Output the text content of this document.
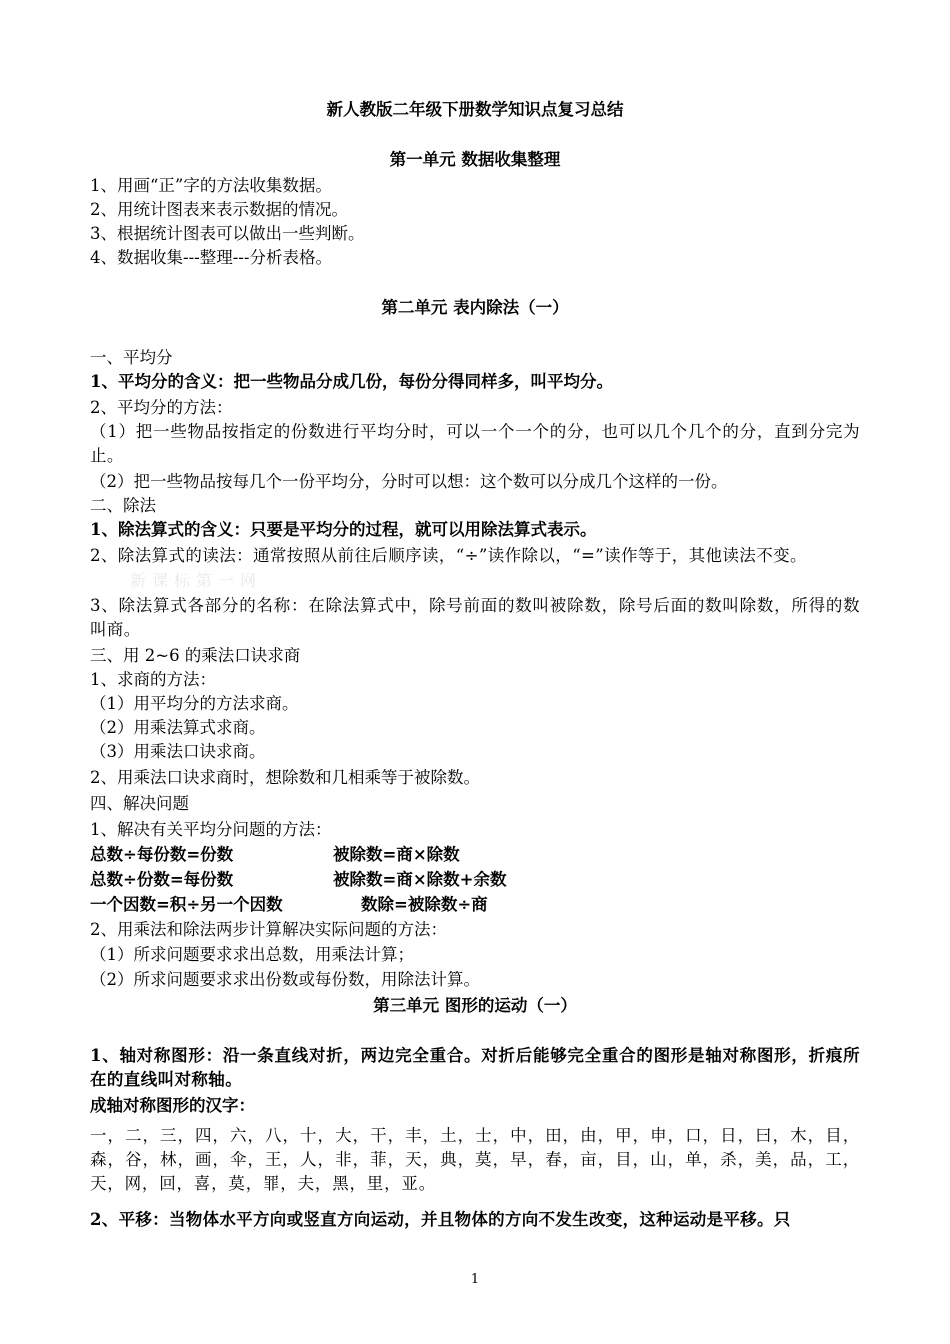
新人教版二年级下册数学知识点复习总结
第一单元 数据收集整理
1、用画“正”字的方法收集数据。
2、用统计图表来表示数据的情况。
3、根据统计图表可以做出一些判断。
4、数据收集---整理---分析表格。
第二单元 表内除法（一）
一、平均分
1、平均分的含义：把一些物品分成几份，每份分得同样多，叫平均分。
2、平均分的方法：
（1）把一些物品按指定的份数进行平均分时，可以一个一个的分，也可以几个几个的分，直到分完为止。
（2）把一些物品按每几个一份平均分，分时可以想：这个数可以分成几个这样的一份。
二、除法
1、除法算式的含义：只要是平均分的过程，就可以用除法算式表示。
2、除法算式的读法：通常按照从前往后顺序读，“÷”读作除以，“=”读作等于，其他读法不变。
新课标第一网
3、除法算式各部分的名称：在除法算式中，除号前面的数叫被除数，除号后面的数叫除数，所得的数叫商。
三、用 2~6 的乘法口诀求商
1、求商的方法：
（1）用平均分的方法求商。
（2）用乘法算式求商。
（3）用乘法口诀求商。
2、用乘法口诀求商时，想除数和几相乘等于被除数。
四、解决问题
1、解决有关平均分问题的方法：
总数÷每份数=份数	被除数=商×除数
总数÷份数=每份数	被除数=商×除数+余数
一个因数=积÷另一个因数	数除=被除数÷商
2、用乘法和除法两步计算解决实际问题的方法：
（1）所求问题要求求出总数，用乘法计算；
（2）所求问题要求求出份数或每份数，用除法计算。
第三单元 图形的运动（一）
1、轴对称图形：沿一条直线对折，两边完全重合。对折后能够完全重合的图形是轴对称图形，折痕所在的直线叫对称轴。
成轴对称图形的汉字：
一，二，三，四，六，八，十，大，干，丰，土，士，中，田，由，甲，申，口，日，曰，木，目，森，谷，林，画，伞，王，人，非，菲，天，典，莫，早，春，亩，目，山，单，杀，美，品，工，天，网，回，喜，莫，罪，夫，黑，里，亚。
2、平移：当物体水平方向或竖直方向运动，并且物体的方向不发生改变，这种运动是平移。只
1
